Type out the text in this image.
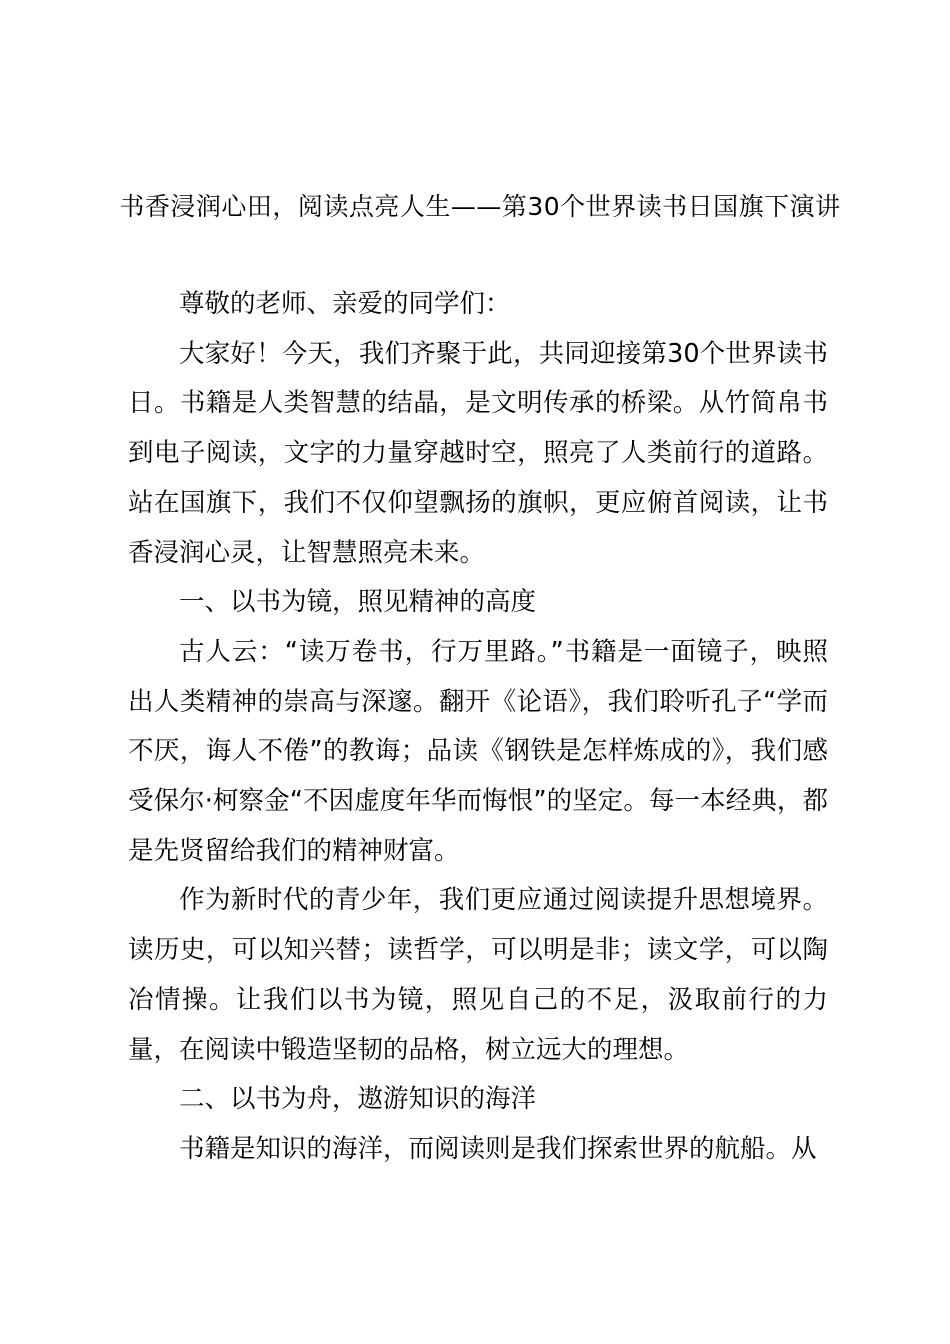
书香浸润心田，阅读点亮人生——第30个世界读书日国旗下演讲

尊敬的老师、亲爱的同学们：

大家好！今天，我们齐聚于此，共同迎接第30个世界读书日。书籍是人类智慧的结晶，是文明传承的桥梁。从竹简帛书到电子阅读，文字的力量穿越时空，照亮了人类前行的道路。站在国旗下，我们不仅仰望飘扬的旗帜，更应俯首阅读，让书香浸润心灵，让智慧照亮未来。

一、以书为镜，照见精神的高度

古人云：“读万卷书，行万里路。”书籍是一面镜子，映照出人类精神的崇高与深邃。翻开《论语》，我们聆听孔子“学而不厌，诲人不倦”的教诲；品读《钢铁是怎样炼成的》，我们感受保尔·柯察金“不因虚度年华而悔恨”的坚定。每一本经典，都是先贤留给我们的精神财富。

作为新时代的青少年，我们更应通过阅读提升思想境界。读历史，可以知兴替；读哲学，可以明是非；读文学，可以陶冶情操。让我们以书为镜，照见自己的不足，汲取前行的力量，在阅读中锻造坚韧的品格，树立远大的理想。

二、以书为舟，遨游知识的海洋

书籍是知识的海洋，而阅读则是我们探索世界的航船。从
